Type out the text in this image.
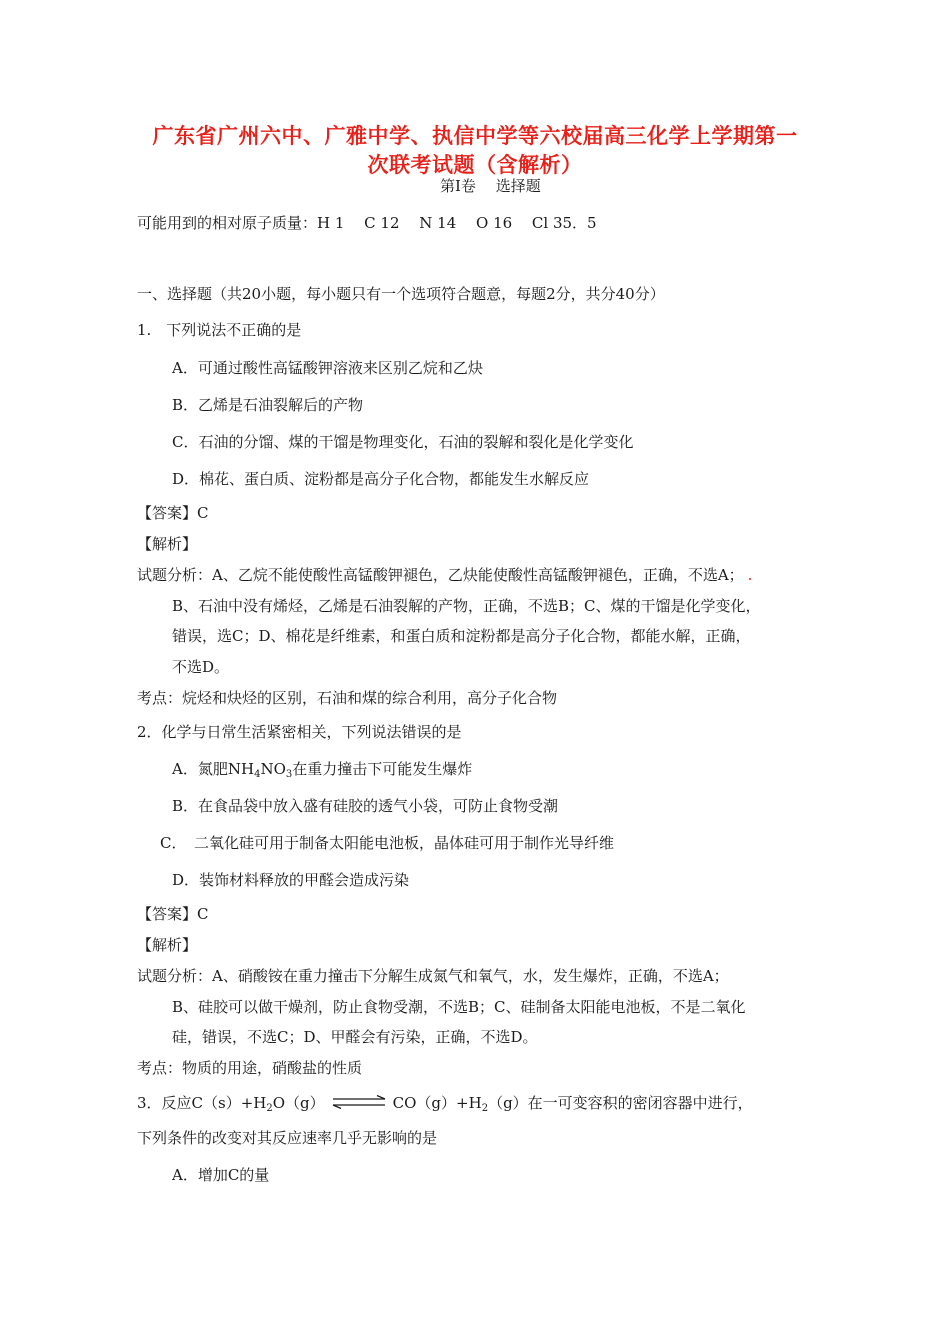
广东省广州六中、广雅中学、执信中学等六校届高三化学上学期第一
次联考试题（含解析）
第Ⅰ卷　 选择题
可能用到的相对原子质量：H 1　 C 12　 N 14　 O 16　 Cl 35．5
一、选择题（共20小题，每小题只有一个选项符合题意，每题2分，共分40分）
1.　下列说法不正确的是
A．可通过酸性高锰酸钾溶液来区别乙烷和乙炔
B．乙烯是石油裂解后的产物
C．石油的分馏、煤的干馏是物理变化，石油的裂解和裂化是化学变化
D．棉花、蛋白质、淀粉都是高分子化合物，都能发生水解反应
【答案】C
【解析】
试题分析：A、乙烷不能使酸性高锰酸钾褪色，乙炔能使酸性高锰酸钾褪色，正确，不选A； .
B、石油中没有烯烃，乙烯是石油裂解的产物，正确，不选B；C、煤的干馏是化学变化，
错误，选C；D、棉花是纤维素，和蛋白质和淀粉都是高分子化合物，都能水解，正确，
不选D。
考点：烷烃和炔烃的区别，石油和煤的综合利用，高分子化合物
2．化学与日常生活紧密相关，下列说法错误的是
A．氮肥$NH_4NO_3$在重力撞击下可能发生爆炸
B．在食品袋中放入盛有硅胶的透气小袋，可防止食物受潮
C．　二氧化硅可用于制备太阳能电池板，晶体硅可用于制作光导纤维
D．装饰材料释放的甲醛会造成污染
【答案】C
【解析】
试题分析：A、硝酸铵在重力撞击下分解生成氮气和氧气，水，发生爆炸，正确，不选A；
B、硅胶可以做干燥剂，防止食物受潮，不选B；C、硅制备太阳能电池板，不是二氧化
硅，错误，不选C；D、甲醛会有污染，正确，不选D。
考点：物质的用途，硝酸盐的性质
3．反应$C(s)+H_2O(g)$ ⇌ $CO(g)+H_2(g)$在一可变容积的密闭容器中进行，
下列条件的改变对其反应速率几乎无影响的是
A．增加C的量
